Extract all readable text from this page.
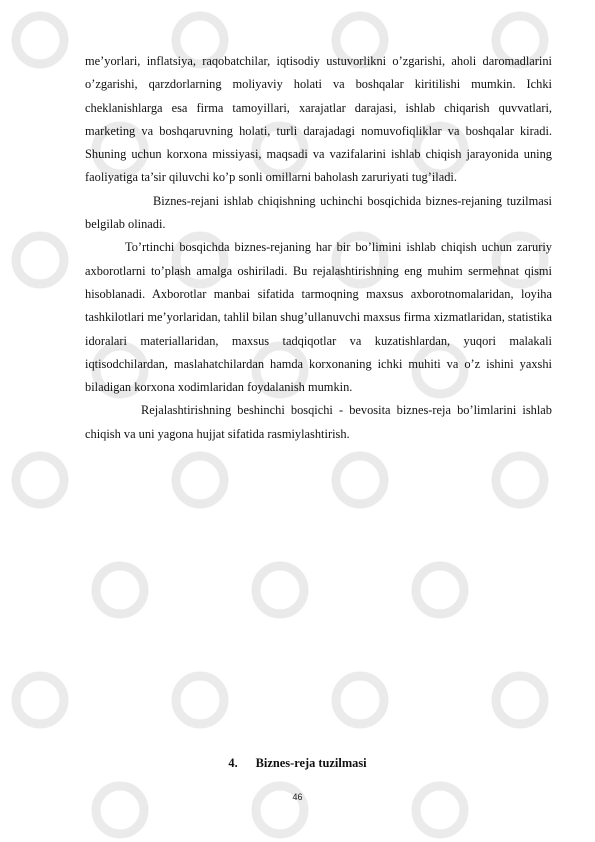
me’yorlari, inflatsiya, raqobatchilar, iqtisodiy ustuvorlikni o’zgarishi, aholi daromadlarini o’zgarishi, qarzdorlarning moliyaviy holati va boshqalar kiritilishi mumkin. Ichki cheklanishlarga esa firma tamoyillari, xarajatlar darajasi, ishlab chiqarish quvvatlari, marketing va boshqaruvning holati, turli darajadagi nomuvofiqliklar va boshqalar kiradi. Shuning uchun korxona missiyasi, maqsadi va vazifalarini ishlab chiqish jarayonida uning faoliyatiga ta’sir qiluvchi ko’p sonli omillarni baholash zaruriyati tug’iladi.

Biznes-rejani ishlab chiqishning uchinchi bosqichida biznes-rejaning tuzilmasi belgilab olinadi.

To’rtinchi bosqichda biznes-rejaning har bir bo’limini ishlab chiqish uchun zaruriy axborotlarni to’plash amalga oshiriladi. Bu rejalashtirishning eng muhim sermehnat qismi hisoblanadi. Axborotlar manbai sifatida tarmoqning maxsus axborotnomalaridan, loyiha tashkilotlari me’yorlaridan, tahlil bilan shug’ullanuvchi maxsus firma xizmatlaridan, statistika idoralari materiallaridan, maxsus tadqiqotlar va kuzatishlardan, yuqori malakali iqtisodchilardan, maslahatchilardan hamda korxonaning ichki muhiti va o’z ishini yaxshi biladigan korxona xodimlaridan foydalanish mumkin.

Rejalashtirishning beshinchi bosqichi - bevosita biznes-reja bo’limlarini ishlab chiqish va uni yagona hujjat sifatida rasmiylashtirish.

4. Biznes-reja tuzilmasi
46
